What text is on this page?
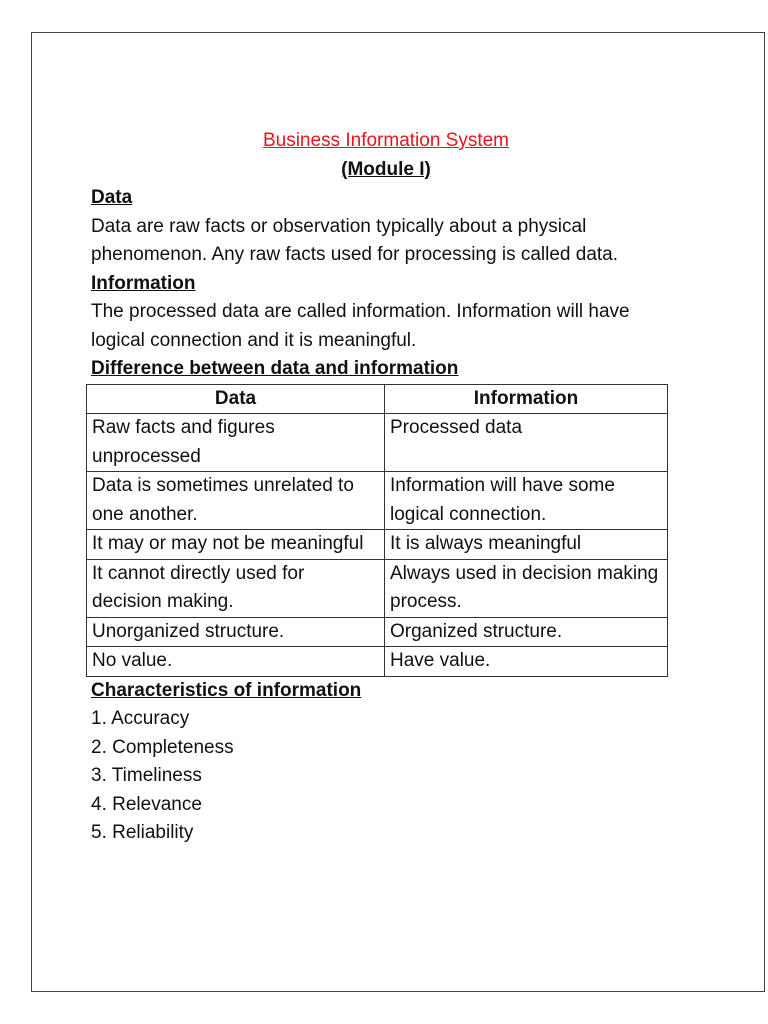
Business Information System

(Module I)

Data

Data are raw facts or observation typically about a physical phenomenon. Any raw facts used for processing is called data.

Information

The processed data are called information. Information will have logical connection and it is meaningful.

Difference between data and information

Data	Information
Raw facts and figures unprocessed	Processed data
Data is sometimes unrelated to one another.	Information will have some logical connection.
It may or may not be meaningful	It is always meaningful
It cannot directly used for decision making.	Always used in decision making process.
Unorganized structure.	Organized structure.
No value.	Have value.

Characteristics of information

1. Accuracy

2. Completeness

3. Timeliness

4. Relevance

5. Reliability
